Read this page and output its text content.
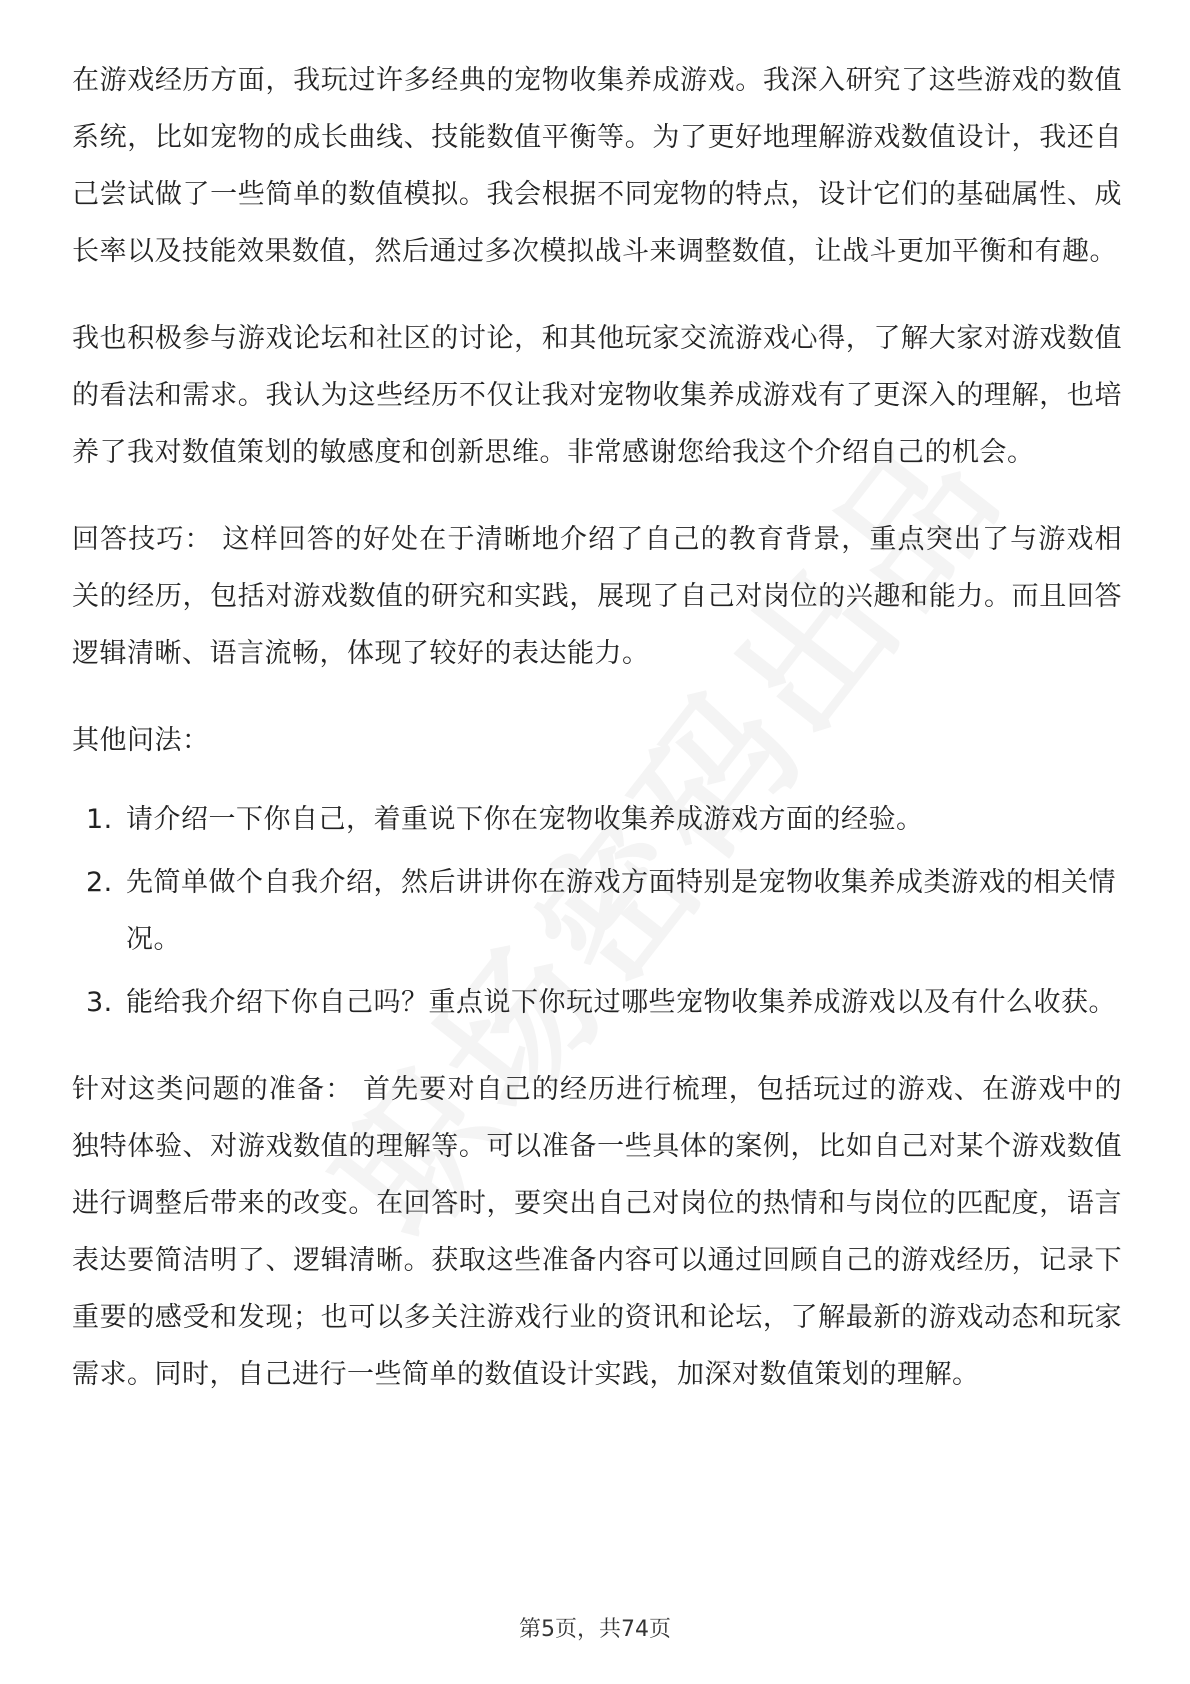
在游戏经历方面，我玩过许多经典的宠物收集养成游戏。我深入研究了这些游戏的数值系统，比如宠物的成长曲线、技能数值平衡等。为了更好地理解游戏数值设计，我还自己尝试做了一些简单的数值模拟。我会根据不同宠物的特点，设计它们的基础属性、成长率以及技能效果数值，然后通过多次模拟战斗来调整数值，让战斗更加平衡和有趣。

我也积极参与游戏论坛和社区的讨论，和其他玩家交流游戏心得，了解大家对游戏数值的看法和需求。我认为这些经历不仅让我对宠物收集养成游戏有了更深入的理解，也培养了我对数值策划的敏感度和创新思维。非常感谢您给我这个介绍自己的机会。

回答技巧： 这样回答的好处在于清晰地介绍了自己的教育背景，重点突出了与游戏相关的经历，包括对游戏数值的研究和实践，展现了自己对岗位的兴趣和能力。而且回答逻辑清晰、语言流畅，体现了较好的表达能力。

其他问法：

1. 请介绍一下你自己，着重说下你在宠物收集养成游戏方面的经验。
2. 先简单做个自我介绍，然后讲讲你在游戏方面特别是宠物收集养成类游戏的相关情况。
3. 能给我介绍下你自己吗？重点说下你玩过哪些宠物收集养成游戏以及有什么收获。

针对这类问题的准备： 首先要对自己的经历进行梳理，包括玩过的游戏、在游戏中的独特体验、对游戏数值的理解等。可以准备一些具体的案例，比如自己对某个游戏数值进行调整后带来的改变。在回答时，要突出自己对岗位的热情和与岗位的匹配度，语言表达要简洁明了、逻辑清晰。获取这些准备内容可以通过回顾自己的游戏经历，记录下重要的感受和发现；也可以多关注游戏行业的资讯和论坛，了解最新的游戏动态和玩家需求。同时，自己进行一些简单的数值设计实践，加深对数值策划的理解。

第5页，共74页
